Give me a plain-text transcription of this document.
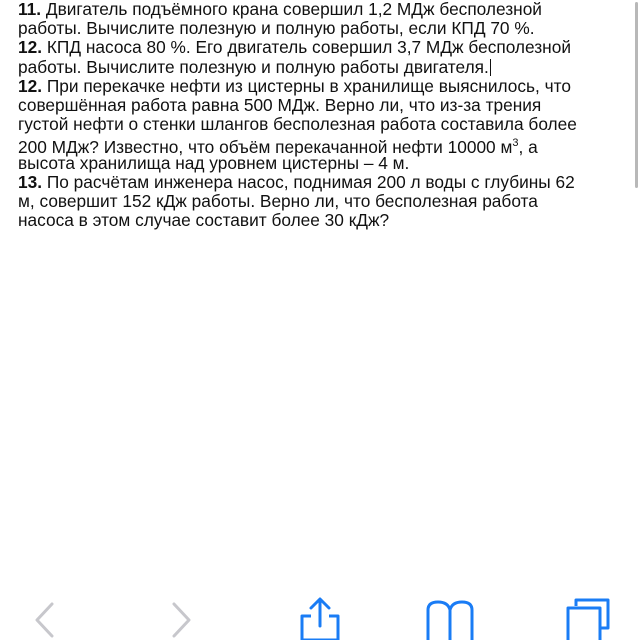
11. Двигатель подъёмного крана совершил 1,2 МДж бесполезной
работы. Вычислите полезную и полную работы, если КПД 70 %.
12. КПД насоса 80 %. Его двигатель совершил 3,7 МДж бесполезной
работы. Вычислите полезную и полную работы двигателя.
12. При перекачке нефти из цистерны в хранилище выяснилось, что
совершённая работа равна 500 МДж. Верно ли, что из-за трения
густой нефти о стенки шлангов бесполезная работа составила более
200 МДж? Известно, что объём перекачанной нефти 10000 $м^3$, а
высота хранилища над уровнем цистерны – 4 м.
13. По расчётам инженера насос, поднимая 200 л воды с глубины 62
м, совершит 152 кДж работы. Верно ли, что бесполезная работа
насоса в этом случае составит более 30 кДж?
